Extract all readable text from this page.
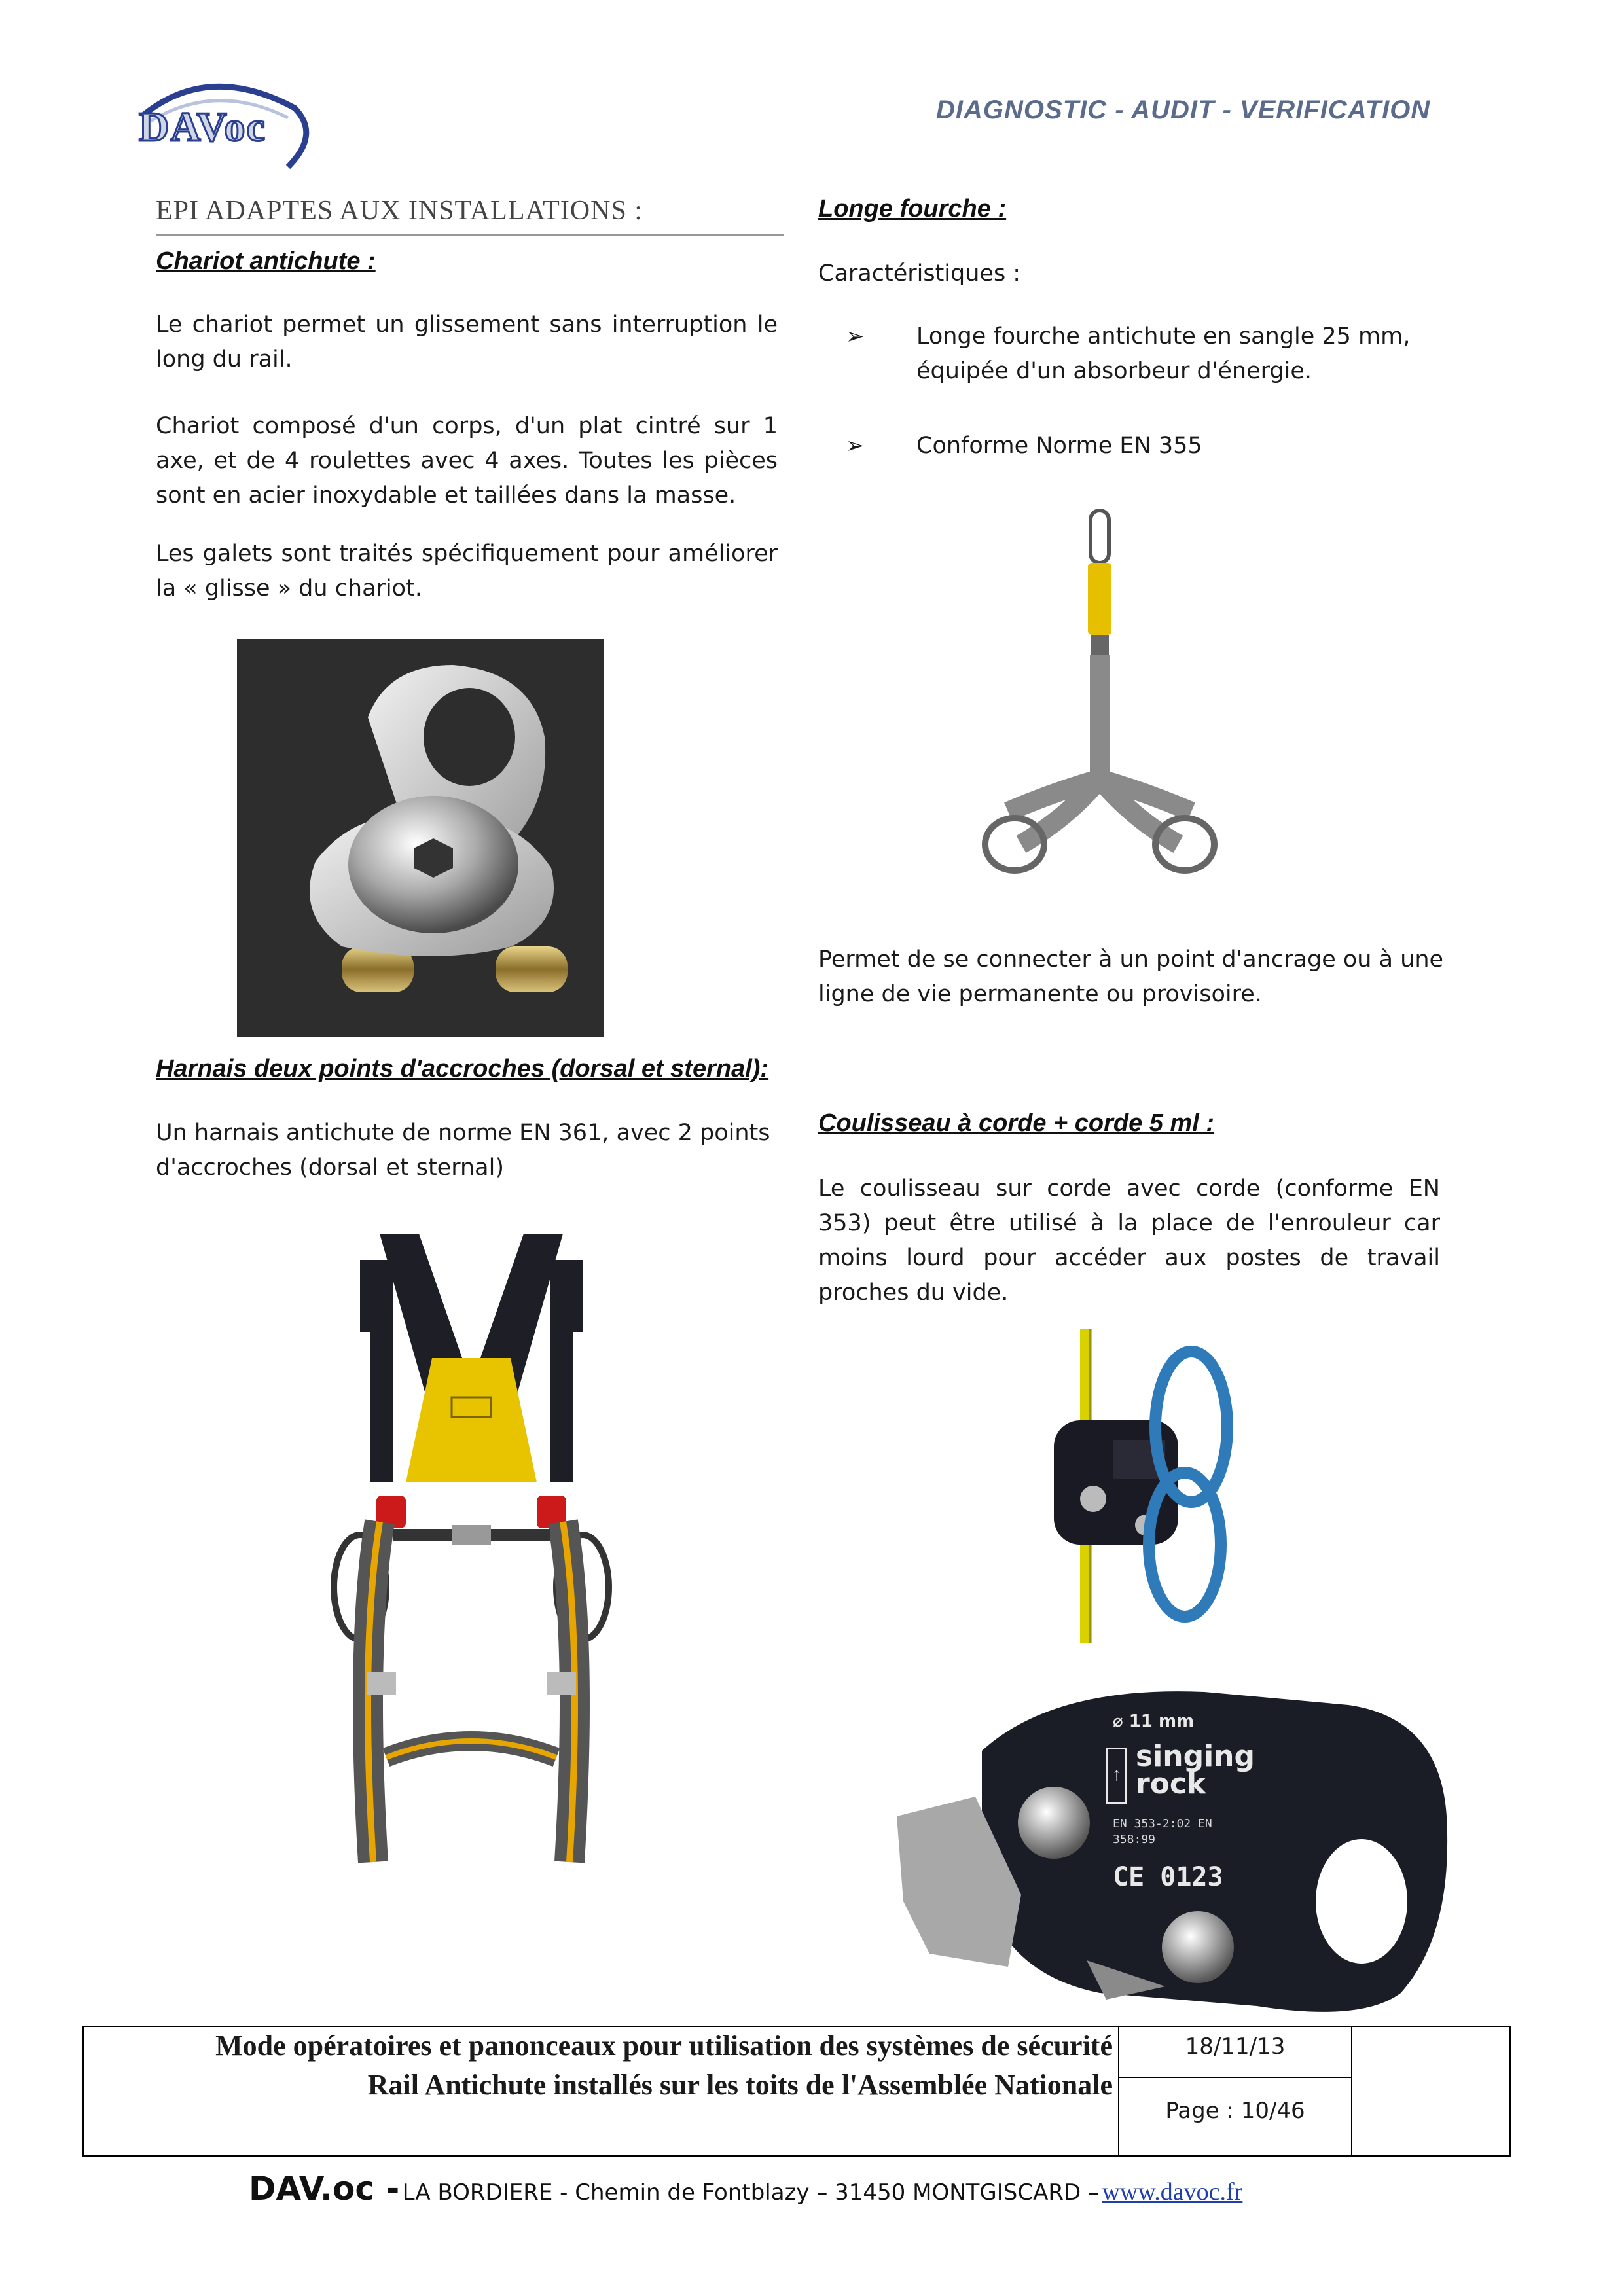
DAVoc	DIAGNOSTIC - AUDIT - VERIFICATION
EPI ADAPTES AUX INSTALLATIONS :
Chariot antichute :
Le chariot permet un glissement sans interruption le long du rail.
Chariot composé d'un corps, d'un plat cintré sur 1 axe, et de 4 roulettes avec 4 axes. Toutes les pièces sont en acier inoxydable et taillées dans la masse.
Les galets sont traités spécifiquement pour améliorer la « glisse » du chariot.
Harnais deux points d'accroches (dorsal et sternal):
Un harnais antichute de norme EN 361, avec 2 points d'accroches (dorsal et sternal)
Longe fourche :
Caractéristiques :
➢ Longe fourche antichute en sangle 25 mm, équipée d'un absorbeur d'énergie.
➢ Conforme Norme EN 355
Permet de se connecter à un point d'ancrage ou à une ligne de vie permanente ou provisoire.
Coulisseau à corde + corde 5 ml :
Le coulisseau sur corde avec corde (conforme EN 353) peut être utilisé à la place de l'enrouleur car moins lourd pour accéder aux postes de travail proches du vide.
⌀ 11 mm
↑
singing rock
EN 353-2:02 EN 358:99
CE 0123
Mode opératoires et panonceaux pour utilisation des systèmes de sécurité
Rail Antichute installés sur les toits de l'Assemblée Nationale
18/11/13
Page : 10/46
DAV.oc - LA BORDIERE - Chemin de Fontblazy – 31450 MONTGISCARD – www.davoc.fr
